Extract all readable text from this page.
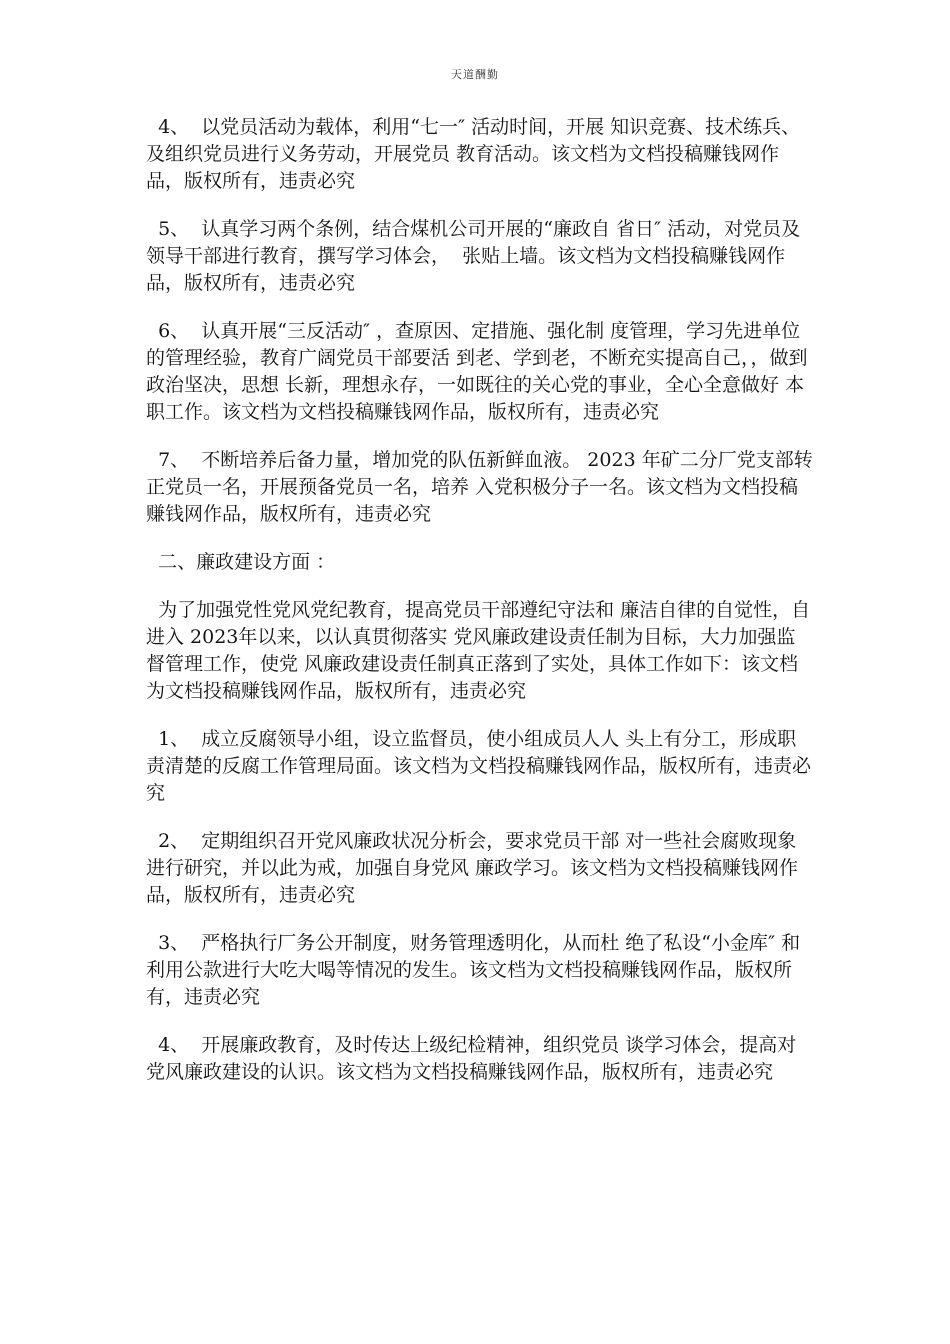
天道酬勤

4、  以党员活动为载体，利用“七一″ 活动时间，开展 知识竞赛、技术练兵、及组织党员进行义务劳动，开展党员 教育活动。该文档为文档投稿赚钱网作品，版权所有，违责必究

5、  认真学习两个条例，结合煤机公司开展的“廉政自 省日″ 活动，对党员及领导干部进行教育，撰写学习体会，  张贴上墙。该文档为文档投稿赚钱网作品，版权所有，违责必究

6、  认真开展“三反活动″ ，查原因、定措施、强化制 度管理，学习先进单位的管理经验，教育广阔党员干部要活 到老、学到老，不断充实提高自己，，做到政治坚决，思想 长新，理想永存，一如既往的关心党的事业，全心全意做好 本职工作。该文档为文档投稿赚钱网作品，版权所有，违责必究

7、  不断培养后备力量，增加党的队伍新鲜血液。 2023 年矿二分厂党支部转正党员一名，开展预备党员一名，培养 入党积极分子一名。该文档为文档投稿赚钱网作品，版权所有，违责必究

二、廉政建设方面 ：

为了加强党性党风党纪教育，提高党员干部遵纪守法和 廉洁自律的自觉性，自进入 2023年以来，以认真贯彻落实 党风廉政建设责任制为目标，大力加强监督管理工作，使党 风廉政建设责任制真正落到了实处，具体工作如下：该文档为文档投稿赚钱网作品，版权所有，违责必究

1、  成立反腐领导小组，设立监督员，使小组成员人人 头上有分工，形成职责清楚的反腐工作管理局面。该文档为文档投稿赚钱网作品，版权所有，违责必究

2、  定期组织召开党风廉政状况分析会，要求党员干部 对一些社会腐败现象进行研究，并以此为戒，加强自身党风 廉政学习。该文档为文档投稿赚钱网作品，版权所有，违责必究

3、  严格执行厂务公开制度，财务管理透明化，从而杜 绝了私设“小金库″ 和利用公款进行大吃大喝等情况的发生。该文档为文档投稿赚钱网作品，版权所有，违责必究

4、  开展廉政教育，及时传达上级纪检精神，组织党员 谈学习体会，提高对党风廉政建设的认识。该文档为文档投稿赚钱网作品，版权所有，违责必究
